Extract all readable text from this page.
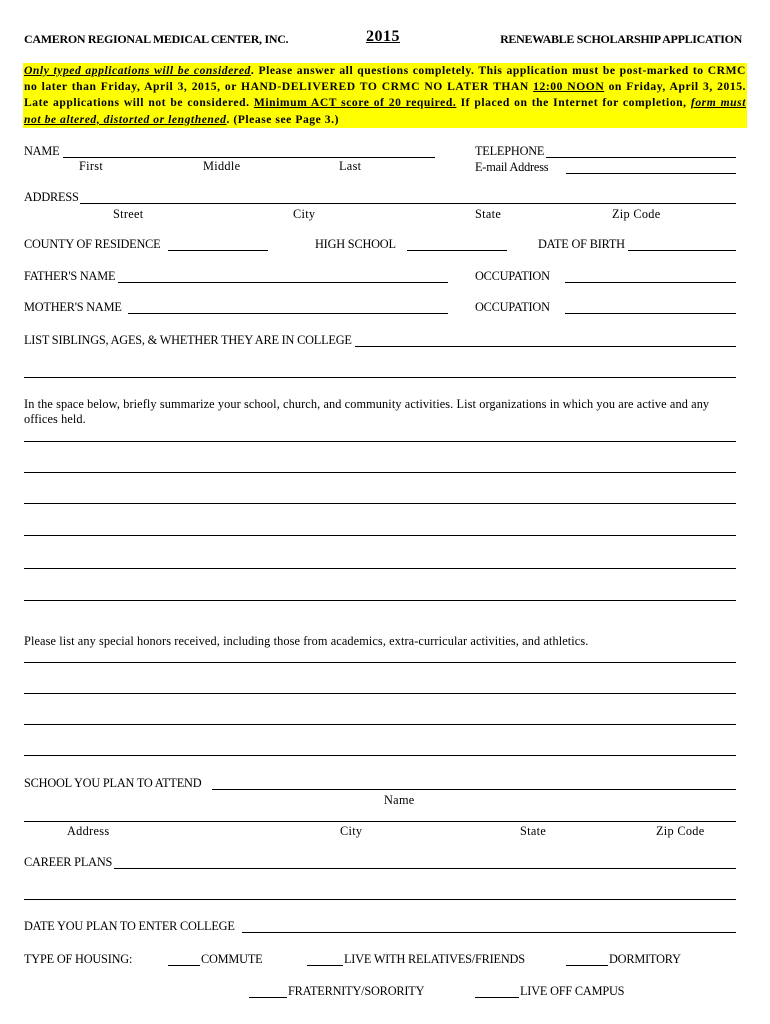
CAMERON REGIONAL MEDICAL CENTER, INC.	2015	RENEWABLE SCHOLARSHIP APPLICATION
Only typed applications will be considered. Please answer all questions completely. This application must be post-marked to CRMC no later than Friday, April 3, 2015, or HAND-DELIVERED TO CRMC NO LATER THAN 12:00 NOON on Friday, April 3, 2015. Late applications will not be considered. Minimum ACT score of 20 required. If placed on the Internet for completion, form must not be altered, distorted or lengthened. (Please see Page 3.)
NAME
First	Middle	Last
TELEPHONE
E-mail Address
ADDRESS
Street	City	State	Zip Code
COUNTY OF RESIDENCE	HIGH SCHOOL	DATE OF BIRTH
FATHER'S NAME	OCCUPATION
MOTHER'S NAME	OCCUPATION
LIST SIBLINGS, AGES, & WHETHER THEY ARE IN COLLEGE
In the space below, briefly summarize your school, church, and community activities. List organizations in which you are active and any offices held.
Please list any special honors received, including those from academics, extra-curricular activities, and athletics.
SCHOOL YOU PLAN TO ATTEND
Name
Address	City	State	Zip Code
CAREER PLANS
DATE YOU PLAN TO ENTER COLLEGE
TYPE OF HOUSING:	COMMUTE	LIVE WITH RELATIVES/FRIENDS	DORMITORY
FRATERNITY/SORORITY	LIVE OFF CAMPUS
